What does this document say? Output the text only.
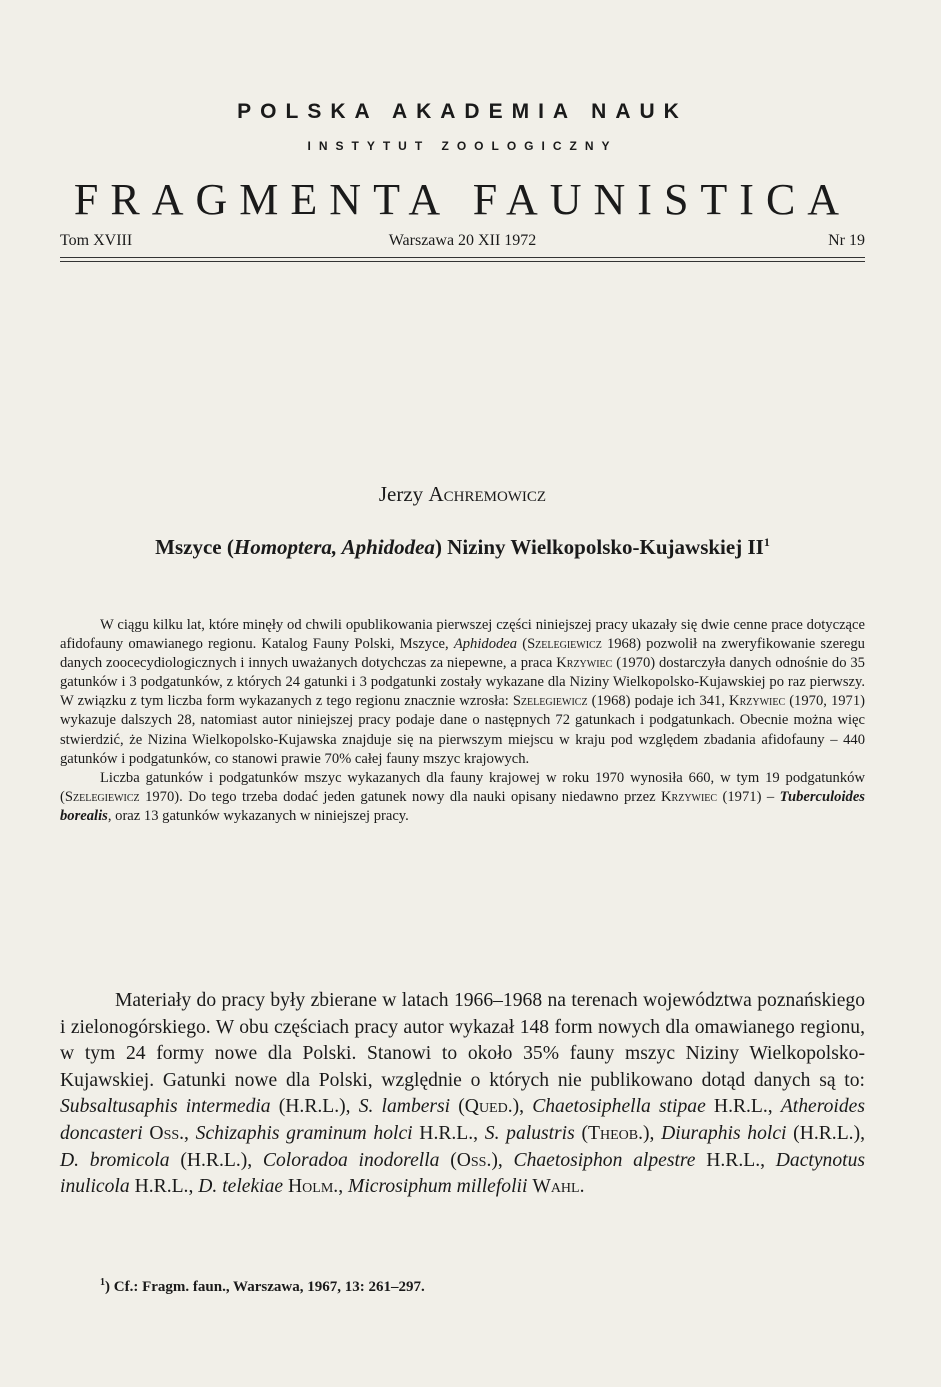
POLSKA AKADEMIA NAUK
INSTYTUT ZOOLOGICZNY
FRAGMENTA FAUNISTICA
Tom XVIII	Warszawa 20 XII 1972	Nr 19
Jerzy Achremowicz
Mszyce (Homoptera, Aphidodea) Niziny Wielkopolsko-Kujawskiej $II^1$

W ciągu kilku lat, które minęły od chwili opublikowania pierwszej części niniejszej pracy ukazały się dwie cenne prace dotyczące afidofauny omawianego regionu. Katalog Fauny Polski, Mszyce, Aphidodea (Szelegiewicz 1968) pozwolił na zweryfikowanie szeregu danych zoocecydiologicznych i innych uważanych dotychczas za niepewne, a praca Krzywiec (1970) dostarczyła danych odnośnie do 35 gatunków i 3 podgatunków, z których 24 gatunki i 3 podgatunki zostały wykazane dla Niziny Wielkopolsko-Kujawskiej po raz pierwszy. W związku z tym liczba form wykazanych z tego regionu znacznie wzrosła: Szelegiewicz (1968) podaje ich 341, Krzywiec (1970, 1971) wykazuje dalszych 28, natomiast autor niniejszej pracy podaje dane o następnych 72 gatunkach i podgatunkach. Obecnie można więc stwierdzić, że Nizina Wielkopolsko-Kujawska znajduje się na pierwszym miejscu w kraju pod względem zbadania afidofauny – 440 gatunków i podgatunków, co stanowi prawie 70% całej fauny mszyc krajowych.

Liczba gatunków i podgatunków mszyc wykazanych dla fauny krajowej w roku 1970 wynosiła 660, w tym 19 podgatunków (Szelegiewicz 1970). Do tego trzeba dodać jeden gatunek nowy dla nauki opisany niedawno przez Krzywiec (1971) – Tuberculoides borealis, oraz 13 gatunków wykazanych w niniejszej pracy.

Materiały do pracy były zbierane w latach 1966–1968 na terenach województwa poznańskiego i zielonogórskiego. W obu częściach pracy autor wykazał 148 form nowych dla omawianego regionu, w tym 24 formy nowe dla Polski. Stanowi to około 35% fauny mszyc Niziny Wielkopolsko-Kujawskiej. Gatunki nowe dla Polski, względnie o których nie publikowano dotąd danych są to: Subsaltusaphis intermedia (H.R.L.), S. lambersi (Qued.), Chaetosiphella stipae H.R.L., Atheroides doncasteri Oss., Schizaphis graminum holci H.R.L., S. palustris (Theob.), Diuraphis holci (H.R.L.), D. bromicola (H.R.L.), Coloradoa inodorella (Oss.), Chaetosiphon alpestre H.R.L., Dactynotus inulicola H.R.L., D. telekiae Holm., Microsiphum millefolii Wahl.

$^1$) Cf.: Fragm. faun., Warszawa, 1967, 13: 261–297.
